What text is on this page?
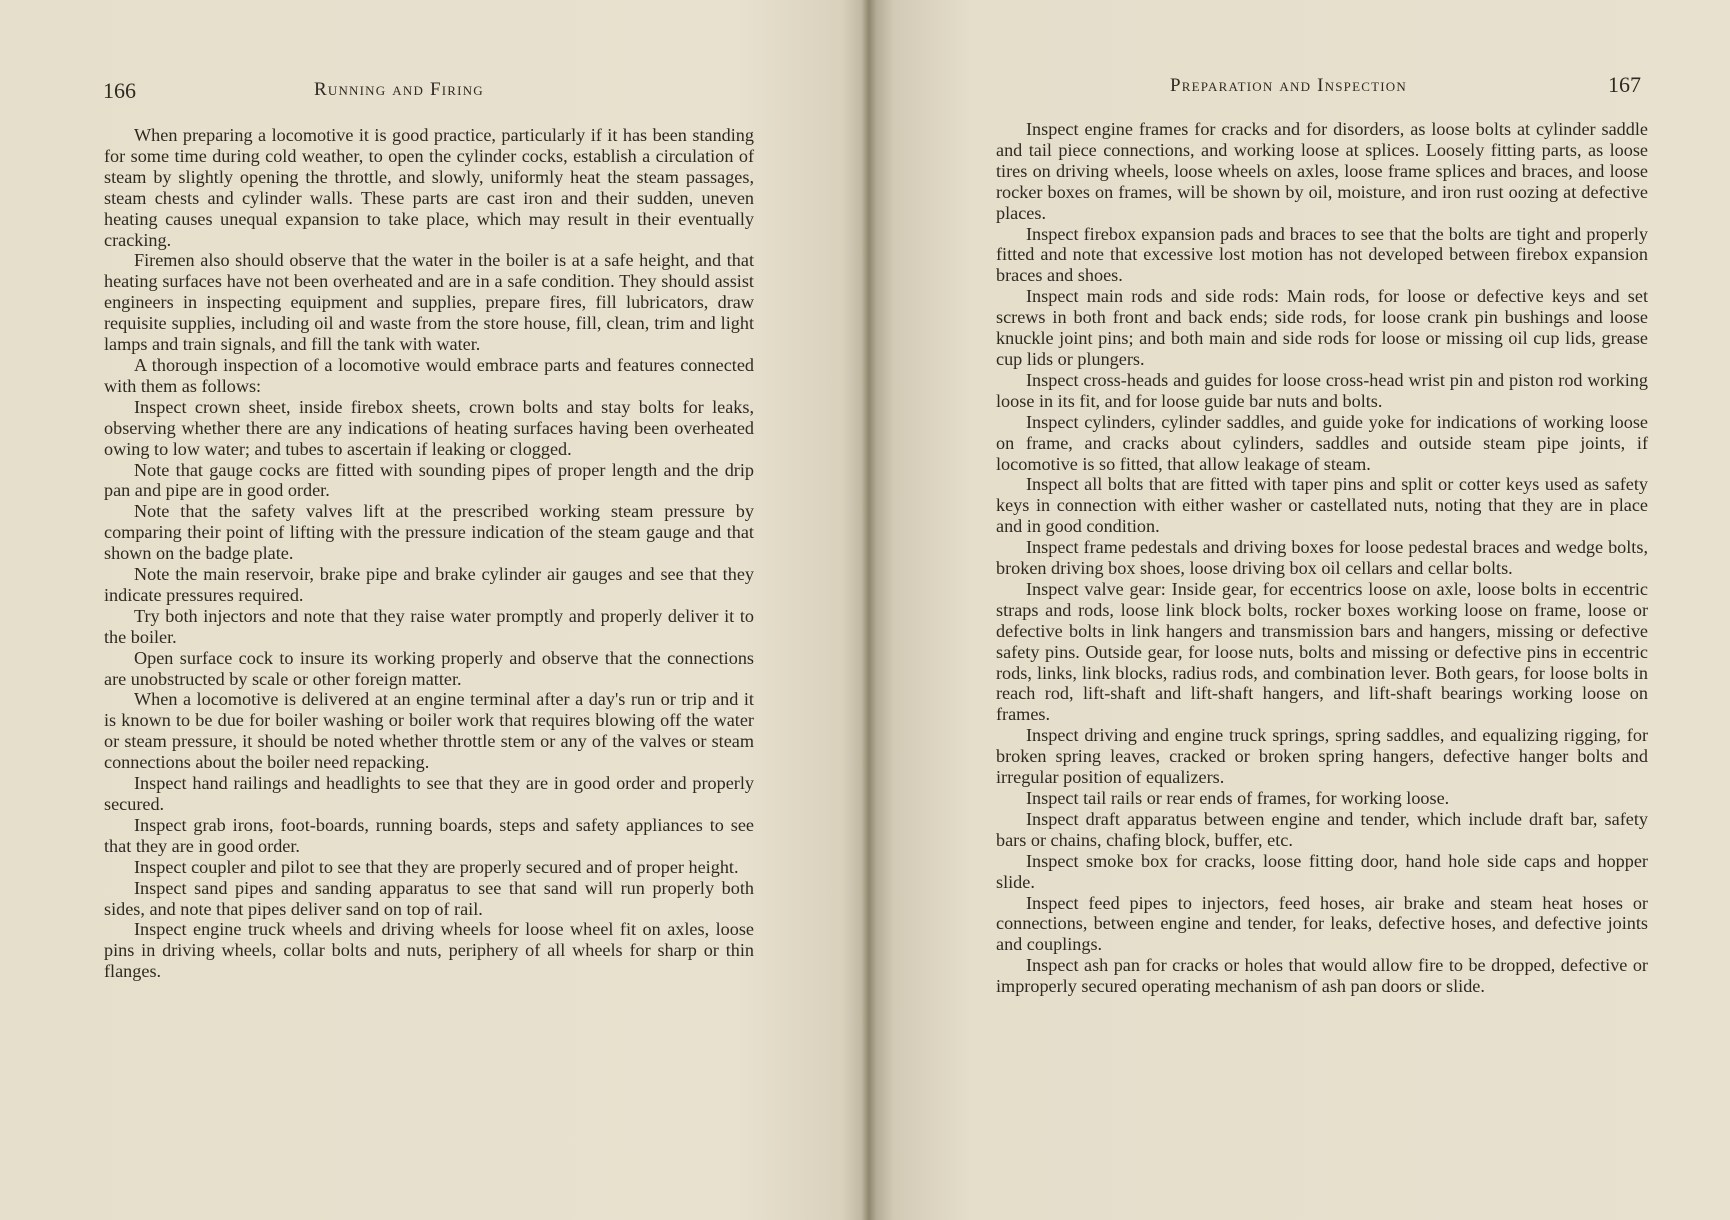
166	Running and Firing

When preparing a locomotive it is good practice, particularly if it has been standing for some time during cold weather, to open the cylinder cocks, establish a circulation of steam by slightly opening the throttle, and slowly, uniformly heat the steam passages, steam chests and cylinder walls. These parts are cast iron and their sudden, uneven heating causes unequal expansion to take place, which may result in their eventually cracking.

Firemen also should observe that the water in the boiler is at a safe height, and that heating surfaces have not been overheated and are in a safe condition. They should assist engineers in inspecting equipment and supplies, prepare fires, fill lubricators, draw requisite supplies, including oil and waste from the store house, fill, clean, trim and light lamps and train signals, and fill the tank with water.

A thorough inspection of a locomotive would embrace parts and features connected with them as follows:

Inspect crown sheet, inside firebox sheets, crown bolts and stay bolts for leaks, observing whether there are any indications of heating surfaces having been overheated owing to low water; and tubes to ascertain if leaking or clogged.

Note that gauge cocks are fitted with sounding pipes of proper length and the drip pan and pipe are in good order.

Note that the safety valves lift at the prescribed working steam pressure by comparing their point of lifting with the pressure indication of the steam gauge and that shown on the badge plate.

Note the main reservoir, brake pipe and brake cylinder air gauges and see that they indicate pressures required.

Try both injectors and note that they raise water promptly and properly deliver it to the boiler.

Open surface cock to insure its working properly and observe that the connections are unobstructed by scale or other foreign matter.

When a locomotive is delivered at an engine terminal after a day's run or trip and it is known to be due for boiler washing or boiler work that requires blowing off the water or steam pressure, it should be noted whether throttle stem or any of the valves or steam connections about the boiler need repacking.

Inspect hand railings and headlights to see that they are in good order and properly secured.

Inspect grab irons, foot-boards, running boards, steps and safety appliances to see that they are in good order.

Inspect coupler and pilot to see that they are properly secured and of proper height.

Inspect sand pipes and sanding apparatus to see that sand will run properly both sides, and note that pipes deliver sand on top of rail.

Inspect engine truck wheels and driving wheels for loose wheel fit on axles, loose pins in driving wheels, collar bolts and nuts, periphery of all wheels for sharp or thin flanges.

Preparation and Inspection	167

Inspect engine frames for cracks and for disorders, as loose bolts at cylinder saddle and tail piece connections, and working loose at splices. Loosely fitting parts, as loose tires on driving wheels, loose wheels on axles, loose frame splices and braces, and loose rocker boxes on frames, will be shown by oil, moisture, and iron rust oozing at defective places.

Inspect firebox expansion pads and braces to see that the bolts are tight and properly fitted and note that excessive lost motion has not developed between firebox expansion braces and shoes.

Inspect main rods and side rods: Main rods, for loose or defective keys and set screws in both front and back ends; side rods, for loose crank pin bushings and loose knuckle joint pins; and both main and side rods for loose or missing oil cup lids, grease cup lids or plungers.

Inspect cross-heads and guides for loose cross-head wrist pin and piston rod working loose in its fit, and for loose guide bar nuts and bolts.

Inspect cylinders, cylinder saddles, and guide yoke for indications of working loose on frame, and cracks about cylinders, saddles and outside steam pipe joints, if locomotive is so fitted, that allow leakage of steam.

Inspect all bolts that are fitted with taper pins and split or cotter keys used as safety keys in connection with either washer or castellated nuts, noting that they are in place and in good condition.

Inspect frame pedestals and driving boxes for loose pedestal braces and wedge bolts, broken driving box shoes, loose driving box oil cellars and cellar bolts.

Inspect valve gear: Inside gear, for eccentrics loose on axle, loose bolts in eccentric straps and rods, loose link block bolts, rocker boxes working loose on frame, loose or defective bolts in link hangers and transmission bars and hangers, missing or defective safety pins. Outside gear, for loose nuts, bolts and missing or defective pins in eccentric rods, links, link blocks, radius rods, and combination lever. Both gears, for loose bolts in reach rod, lift-shaft and lift-shaft hangers, and lift-shaft bearings working loose on frames.

Inspect driving and engine truck springs, spring saddles, and equalizing rigging, for broken spring leaves, cracked or broken spring hangers, defective hanger bolts and irregular position of equalizers.

Inspect tail rails or rear ends of frames, for working loose.

Inspect draft apparatus between engine and tender, which include draft bar, safety bars or chains, chafing block, buffer, etc.

Inspect smoke box for cracks, loose fitting door, hand hole side caps and hopper slide.

Inspect feed pipes to injectors, feed hoses, air brake and steam heat hoses or connections, between engine and tender, for leaks, defective hoses, and defective joints and couplings.

Inspect ash pan for cracks or holes that would allow fire to be dropped, defective or improperly secured operating mechanism of ash pan doors or slide.
